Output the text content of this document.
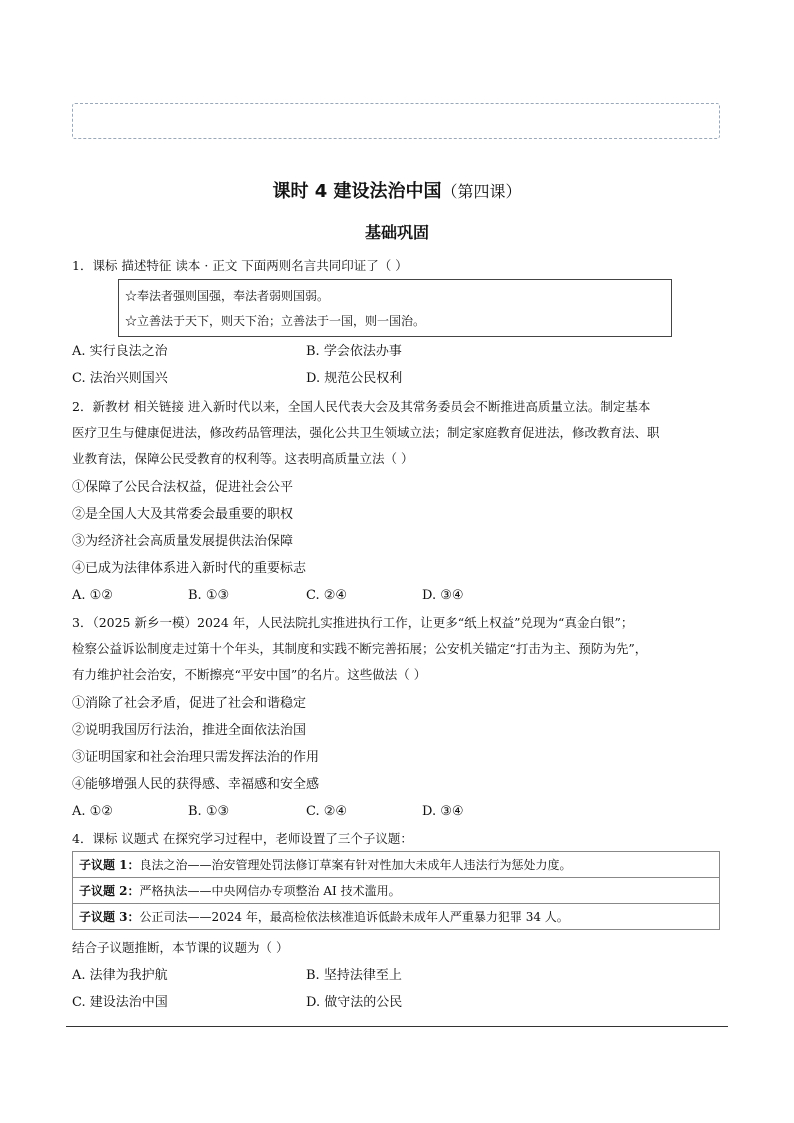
课时 4 建设法治中国（第四课）
基础巩固
1．课标 描述特征 读本 · 正文 下面两则名言共同印证了（ ）
☆奉法者强则国强，奉法者弱则国弱。
☆立善法于天下，则天下治；立善法于一国，则一国治。
A. 实行良法之治	B. 学会依法办事
C. 法治兴则国兴	D. 规范公民权利
2．新教材 相关链接 进入新时代以来，全国人民代表大会及其常务委员会不断推进高质量立法。制定基本
医疗卫生与健康促进法，修改药品管理法，强化公共卫生领域立法；制定家庭教育促进法，修改教育法、职
业教育法，保障公民受教育的权利等。这表明高质量立法（ ）
①保障了公民合法权益，促进社会公平
②是全国人大及其常委会最重要的职权
③为经济社会高质量发展提供法治保障
④已成为法律体系进入新时代的重要标志
A. ①②	B. ①③	C. ②④	D. ③④
3．（2025 新乡一模）2024 年，人民法院扎实推进执行工作，让更多“纸上权益”兑现为“真金白银”；
检察公益诉讼制度走过第十个年头，其制度和实践不断完善拓展；公安机关锚定“打击为主、预防为先”，
有力维护社会治安，不断擦亮“平安中国”的名片。这些做法（ ）
①消除了社会矛盾，促进了社会和谐稳定
②说明我国厉行法治，推进全面依法治国
③证明国家和社会治理只需发挥法治的作用
④能够增强人民的获得感、幸福感和安全感
A. ①②	B. ①③	C. ②④	D. ③④
4．课标 议题式 在探究学习过程中，老师设置了三个子议题：
子议题 1：良法之治——治安管理处罚法修订草案有针对性加大未成年人违法行为惩处力度。
子议题 2：严格执法——中央网信办专项整治 AI 技术滥用。
子议题 3：公正司法——2024 年，最高检依法核准追诉低龄未成年人严重暴力犯罪 34 人。
结合子议题推断，本节课的议题为（ ）
A. 法律为我护航	B. 坚持法律至上
C. 建设法治中国	D. 做守法的公民
